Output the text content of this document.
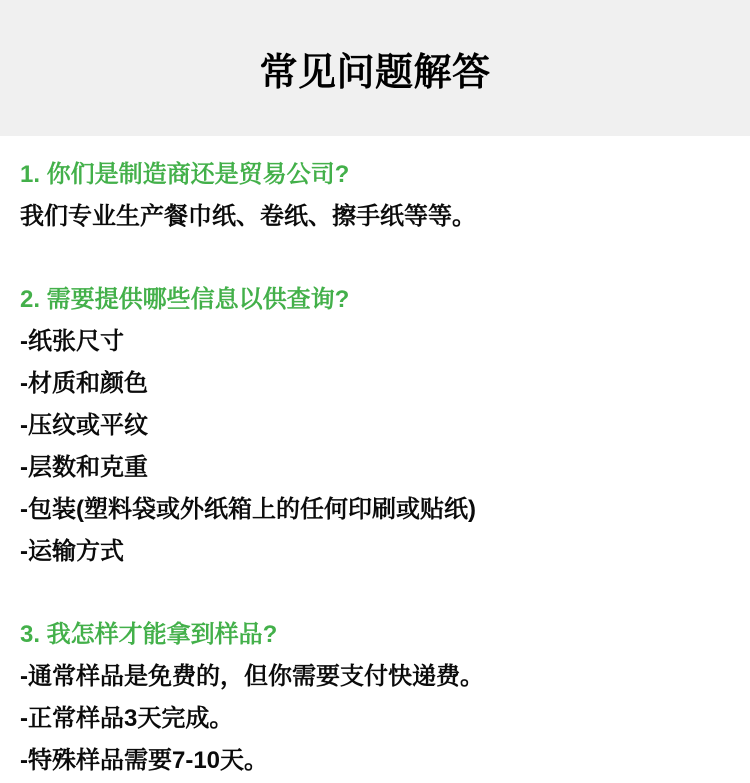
常见问题解答
1. 你们是制造商还是贸易公司?

我们专业生产餐巾纸、卷纸、擦手纸等等。

2. 需要提供哪些信息以供查询?

-纸张尺寸

-材质和颜色

-压纹或平纹

-层数和克重

-包装(塑料袋或外纸箱上的任何印刷或贴纸)

-运输方式

3. 我怎样才能拿到样品?

-通常样品是免费的，但你需要支付快递费。

-正常样品3天完成。

-特殊样品需要7-10天。
